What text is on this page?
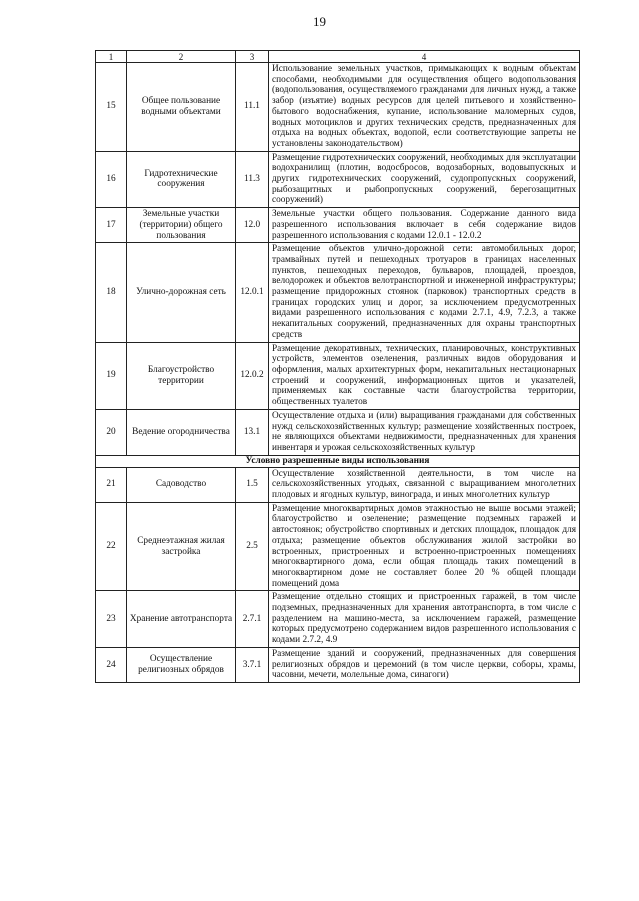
19
1	2	3	4
15	Общее пользование водными объектами	11.1	Использование земельных участков, примыкающих к водным объектам способами, необходимыми для осуществления общего водопользования (водопользования, осуществляемого гражданами для личных нужд, а также забор (изъятие) водных ресурсов для целей питьевого и хозяйственно-бытового водоснабжения, купание, использование маломерных судов, водных мотоциклов и других технических средств, предназначенных для отдыха на водных объектах, водопой, если соответствующие запреты не установлены законодательством)
16	Гидротехнические сооружения	11.3	Размещение гидротехнических сооружений, необходимых для эксплуатации водохранилищ (плотин, водосбросов, водозаборных, водовыпускных и других гидротехнических сооружений, судопропускных сооружений, рыбозащитных и рыбопропускных сооружений, берегозащитных сооружений)
17	Земельные участки (территории) общего пользования	12.0	Земельные участки общего пользования. Содержание данного вида разрешенного использования включает в себя содержание видов разрешенного использования с кодами 12.0.1 - 12.0.2
18	Улично-дорожная сеть	12.0.1	Размещение объектов улично-дорожной сети: автомобильных дорог, трамвайных путей и пешеходных тротуаров в границах населенных пунктов, пешеходных переходов, бульваров, площадей, проездов, велодорожек и объектов велотранспортной и инженерной инфраструктуры; размещение придорожных стоянок (парковок) транспортных средств в границах городских улиц и дорог, за исключением предусмотренных видами разрешенного использования с кодами 2.7.1, 4.9, 7.2.3, а также некапитальных сооружений, предназначенных для охраны транспортных средств
19	Благоустройство территории	12.0.2	Размещение декоративных, технических, планировочных, конструктивных устройств, элементов озеленения, различных видов оборудования и оформления, малых архитектурных форм, некапитальных нестационарных строений и сооружений, информационных щитов и указателей, применяемых как составные части благоустройства территории, общественных туалетов
20	Ведение огородничества	13.1	Осуществление отдыха и (или) выращивания гражданами для собственных нужд сельскохозяйственных культур; размещение хозяйственных построек, не являющихся объектами недвижимости, предназначенных для хранения инвентаря и урожая сельскохозяйственных культур
Условно разрешенные виды использования			
21	Садоводство	1.5	Осуществление хозяйственной деятельности, в том числе на сельскохозяйственных угодьях, связанной с выращиванием многолетних плодовых и ягодных культур, винограда, и иных многолетних культур
22	Среднеэтажная жилая застройка	2.5	Размещение многоквартирных домов этажностью не выше восьми этажей; благоустройство и озеленение; размещение подземных гаражей и автостоянок; обустройство спортивных и детских площадок, площадок для отдыха; размещение объектов обслуживания жилой застройки во встроенных, пристроенных и встроенно-пристроенных помещениях многоквартирного дома, если общая площадь таких помещений в многоквартирном доме не составляет более 20 % общей площади помещений дома
23	Хранение автотранспорта	2.7.1	Размещение отдельно стоящих и пристроенных гаражей, в том числе подземных, предназначенных для хранения автотранспорта, в том числе с разделением на машино-места, за исключением гаражей, размещение которых предусмотрено содержанием видов разрешенного использования с кодами 2.7.2, 4.9
24	Осуществление религиозных обрядов	3.7.1	Размещение зданий и сооружений, предназначенных для совершения религиозных обрядов и церемоний (в том числе церкви, соборы, храмы, часовни, мечети, молельные дома, синагоги)
